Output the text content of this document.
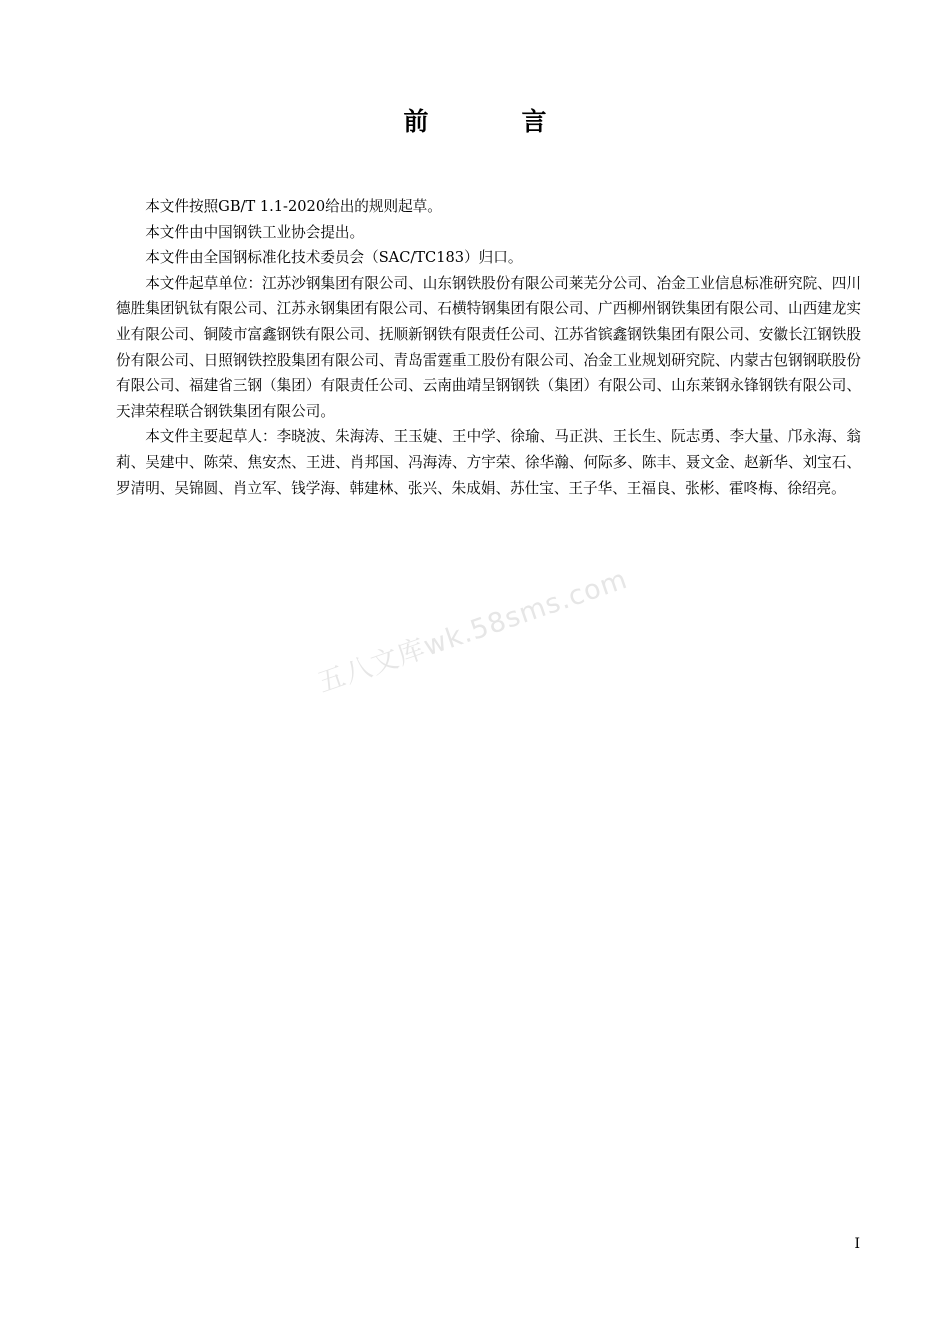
前　言

本文件按照GB/T 1.1-2020给出的规则起草。

本文件由中国钢铁工业协会提出。

本文件由全国钢标准化技术委员会（SAC/TC183）归口。

本文件起草单位：江苏沙钢集团有限公司、山东钢铁股份有限公司莱芜分公司、冶金工业信息标准研究院、四川德胜集团钒钛有限公司、江苏永钢集团有限公司、石横特钢集团有限公司、广西柳州钢铁集团有限公司、山西建龙实业有限公司、铜陵市富鑫钢铁有限公司、抚顺新钢铁有限责任公司、江苏省镔鑫钢铁集团有限公司、安徽长江钢铁股份有限公司、日照钢铁控股集团有限公司、青岛雷霆重工股份有限公司、冶金工业规划研究院、内蒙古包钢钢联股份有限公司、福建省三钢（集团）有限责任公司、云南曲靖呈钢钢铁（集团）有限公司、山东莱钢永锋钢铁有限公司、天津荣程联合钢铁集团有限公司。

本文件主要起草人：李晓波、朱海涛、王玉婕、王中学、徐瑜、马正洪、王长生、阮志勇、李大量、邝永海、翁莉、吴建中、陈荣、焦安杰、王进、肖邦国、冯海涛、方宇荣、徐华瀚、何际多、陈丰、聂文金、赵新华、刘宝石、罗清明、吴锦圆、肖立军、钱学海、韩建林、张兴、朱成娟、苏仕宝、王子华、王福良、张彬、霍咚梅、徐绍亮。

五八文库wk.58sms.com
I
